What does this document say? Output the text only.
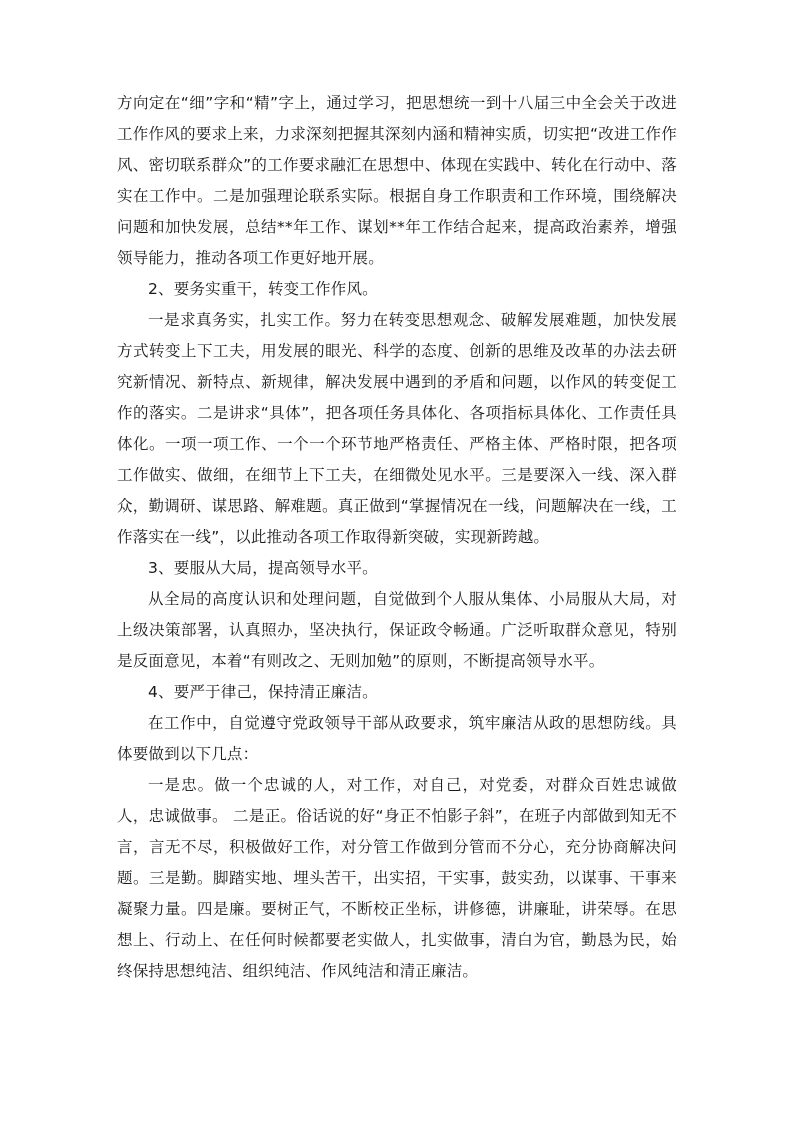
方向定在“细”字和“精”字上，通过学习，把思想统一到十八届三中全会关于改进工作作风的要求上来，力求深刻把握其深刻内涵和精神实质，切实把“改进工作作风、密切联系群众”的工作要求融汇在思想中、体现在实践中、转化在行动中、落实在工作中。二是加强理论联系实际。根据自身工作职责和工作环境，围绕解决问题和加快发展，总结**年工作、谋划**年工作结合起来，提高政治素养，增强领导能力，推动各项工作更好地开展。

2、要务实重干，转变工作作风。

一是求真务实，扎实工作。努力在转变思想观念、破解发展难题，加快发展方式转变上下工夫，用发展的眼光、科学的态度、创新的思维及改革的办法去研究新情况、新特点、新规律，解决发展中遇到的矛盾和问题，以作风的转变促工作的落实。二是讲求“具体”，把各项任务具体化、各项指标具体化、工作责任具体化。一项一项工作、一个一个环节地严格责任、严格主体、严格时限，把各项工作做实、做细，在细节上下工夫，在细微处见水平。三是要深入一线、深入群众，勤调研、谋思路、解难题。真正做到“掌握情况在一线，问题解决在一线，工作落实在一线”，以此推动各项工作取得新突破，实现新跨越。

3、要服从大局，提高领导水平。

从全局的高度认识和处理问题，自觉做到个人服从集体、小局服从大局，对上级决策部署，认真照办，坚决执行，保证政令畅通。广泛听取群众意见，特别是反面意见，本着“有则改之、无则加勉”的原则，不断提高领导水平。

4、要严于律己，保持清正廉洁。

在工作中，自觉遵守党政领导干部从政要求，筑牢廉洁从政的思想防线。具体要做到以下几点：

一是忠。做一个忠诚的人，对工作，对自己，对党委，对群众百姓忠诚做人，忠诚做事。 二是正。俗话说的好“身正不怕影子斜”，在班子内部做到知无不言，言无不尽，积极做好工作，对分管工作做到分管而不分心，充分协商解决问题。三是勤。脚踏实地、埋头苦干，出实招，干实事，鼓实劲，以谋事、干事来凝聚力量。四是廉。要树正气，不断校正坐标，讲修德，讲廉耻，讲荣辱。在思想上、行动上、在任何时候都要老实做人，扎实做事，清白为官，勤恳为民，始终保持思想纯洁、组织纯洁、作风纯洁和清正廉洁。
